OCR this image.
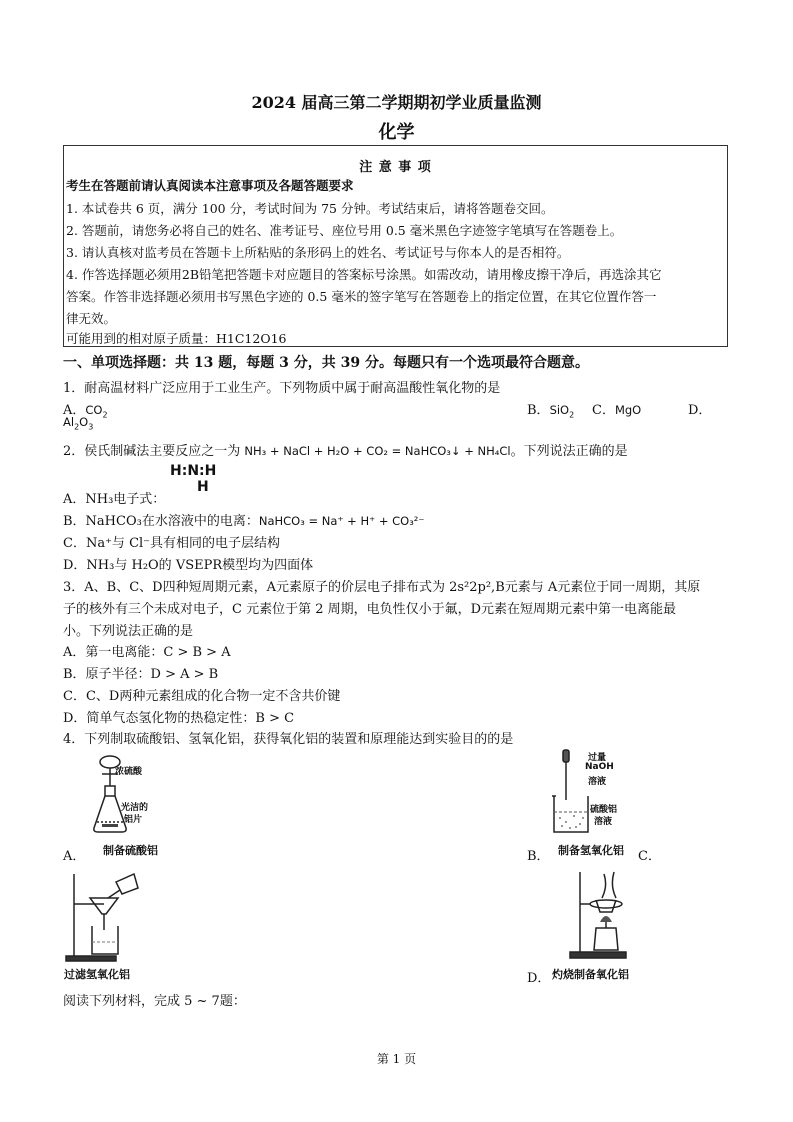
2024 届高三第二学期期初学业质量监测
化学
注 意 事 项
考生在答题前请认真阅读本注意事项及各题答题要求
1. 本试卷共 6 页，满分 100 分，考试时间为 75 分钟。考试结束后，请将答题卷交回。
2. 答题前，请您务必将自己的姓名、准考证号、座位号用 0.5 毫米黑色字迹签字笔填写在答题卷上。
3. 请认真核对监考员在答题卡上所粘贴的条形码上的姓名、考试证号与你本人的是否相符。
4. 作答选择题必须用2B铅笔把答题卡对应题目的答案标号涂黑。如需改动，请用橡皮擦干净后，再选涂其它
答案。作答非选择题必须用书写黑色字迹的 0.5 毫米的签字笔写在答题卷上的指定位置，在其它位置作答一
律无效。
可能用到的相对原子质量：H1C12O16
一、单项选择题：共 13 题，每题 3 分，共 39 分。每题只有一个选项最符合题意。
1．耐高温材料广泛应用于工业生产。下列物质中属于耐高温酸性氧化物的是
A．$CO_2$	B．SiO$_2$ C．MgO	D．
$Al_2O_3$
2．侯氏制碱法主要反应之一为 NH₃ + NaCl + H₂O + CO₂ = NaHCO₃↓ + NH₄Cl。下列说法正确的是
H:N:H
H
A．NH₃电子式：
B．NaHCO₃在水溶液中的电离：NaHCO₃ = Na⁺ + H⁺ + CO₃²⁻
C．Na⁺与 Cl⁻具有相同的电子层结构
D．NH₃与 H₂O的 VSEPR模型均为四面体
3．A、B、C、D四种短周期元素，A元素原子的价层电子排布式为 2s²2p²,B元素与 A元素位于同一周期，其原
子的核外有三个未成对电子，C 元素位于第 2 周期，电负性仅小于氟，D元素在短周期元素中第一电离能最
小。下列说法正确的是
A．第一电离能：C > B > A
B．原子半径：D > A > B
C．C、D两种元素组成的化合物一定不含共价键
D．简单气态氢化物的热稳定性：B > C
4．下列制取硫酸铝、氢氧化铝，获得氧化铝的装置和原理能达到实验目的的是
浓硫酸
光洁的
铝片
A． 制备硫酸铝
过量
NaOH
溶液
硫酸铝
溶液
B． 制备氢氧化铝 C．
过滤氢氧化铝	D． 灼烧制备氧化铝
阅读下列材料，完成 5 ~ 7题：
第 1 页
